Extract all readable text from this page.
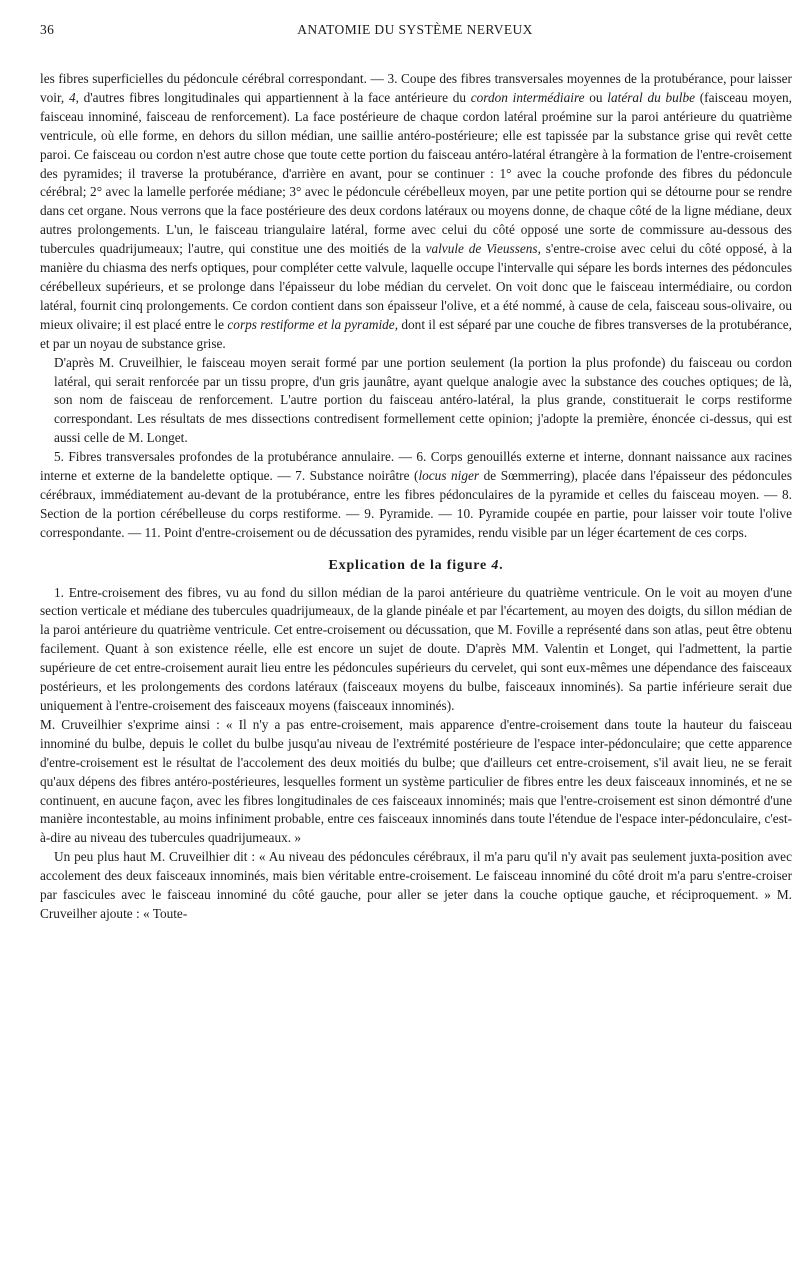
36	ANATOMIE DU SYSTÈME NERVEUX

les fibres superficielles du pédoncule cérébral correspondant. — 3. Coupe des fibres transversales moyennes de la protubérance, pour laisser voir, 4, d'autres fibres longitudinales qui appartiennent à la face antérieure du cordon intermédiaire ou latéral du bulbe (faisceau moyen, faisceau innominé, faisceau de renforcement). La face postérieure de chaque cordon latéral proémine sur la paroi antérieure du quatrième ventricule, où elle forme, en dehors du sillon médian, une saillie antéro-postérieure; elle est tapissée par la substance grise qui revêt cette paroi. Ce faisceau ou cordon n'est autre chose que toute cette portion du faisceau antéro-latéral étrangère à la formation de l'entre-croisement des pyramides; il traverse la protubérance, d'arrière en avant, pour se continuer : 1° avec la couche profonde des fibres du pédoncule cérébral; 2° avec la lamelle perforée médiane; 3° avec le pédoncule cérébelleux moyen, par une petite portion qui se détourne pour se rendre dans cet organe. Nous verrons que la face postérieure des deux cordons latéraux ou moyens donne, de chaque côté de la ligne médiane, deux autres prolongements. L'un, le faisceau triangulaire latéral, forme avec celui du côté opposé une sorte de commissure au-dessous des tubercules quadrijumeaux; l'autre, qui constitue une des moitiés de la valvule de Vieussens, s'entre-croise avec celui du côté opposé, à la manière du chiasma des nerfs optiques, pour compléter cette valvule, laquelle occupe l'intervalle qui sépare les bords internes des pédoncules cérébelleux supérieurs, et se prolonge dans l'épaisseur du lobe médian du cervelet. On voit donc que le faisceau intermédiaire, ou cordon latéral, fournit cinq prolongements. Ce cordon contient dans son épaisseur l'olive, et a été nommé, à cause de cela, faisceau sous-olivaire, ou mieux olivaire; il est placé entre le corps restiforme et la pyramide, dont il est séparé par une couche de fibres transverses de la protubérance, et par un noyau de substance grise.

D'après M. Cruveilhier, le faisceau moyen serait formé par une portion seulement (la portion la plus profonde) du faisceau ou cordon latéral, qui serait renforcée par un tissu propre, d'un gris jaunâtre, ayant quelque analogie avec la substance des couches optiques; de là, son nom de faisceau de renforcement. L'autre portion du faisceau antéro-latéral, la plus grande, constituerait le corps restiforme correspondant. Les résultats de mes dissections contredisent formellement cette opinion; j'adopte la première, énoncée ci-dessus, qui est aussi celle de M. Longet.

5. Fibres transversales profondes de la protubérance annulaire. — 6. Corps genouillés externe et interne, donnant naissance aux racines interne et externe de la bandelette optique. — 7. Substance noirâtre (locus niger de Sœmmerring), placée dans l'épaisseur des pédoncules cérébraux, immédiatement au-devant de la protubérance, entre les fibres pédonculaires de la pyramide et celles du faisceau moyen. — 8. Section de la portion cérébelleuse du corps restiforme. — 9. Pyramide. — 10. Pyramide coupée en partie, pour laisser voir toute l'olive correspondante. — 11. Point d'entre-croisement ou de décussation des pyramides, rendu visible par un léger écartement de ces corps.

Explication de la figure 4.

1. Entre-croisement des fibres, vu au fond du sillon médian de la paroi antérieure du quatrième ventricule. On le voit au moyen d'une section verticale et médiane des tubercules quadrijumeaux, de la glande pinéale et par l'écartement, au moyen des doigts, du sillon médian de la paroi antérieure du quatrième ventricule. Cet entre-croisement ou décussation, que M. Foville a représenté dans son atlas, peut être obtenu facilement. Quant à son existence réelle, elle est encore un sujet de doute. D'après MM. Valentin et Longet, qui l'admettent, la partie supérieure de cet entre-croisement aurait lieu entre les pédoncules supérieurs du cervelet, qui sont eux-mêmes une dépendance des faisceaux postérieurs, et les prolongements des cordons latéraux (faisceaux moyens du bulbe, faisceaux innominés). Sa partie inférieure serait due uniquement à l'entre-croisement des faisceaux moyens (faisceaux innominés).

M. Cruveilhier s'exprime ainsi : « Il n'y a pas entre-croisement, mais apparence d'entre-croisement dans toute la hauteur du faisceau innominé du bulbe, depuis le collet du bulbe jusqu'au niveau de l'extrémité postérieure de l'espace inter-pédonculaire; que cette apparence d'entre-croisement est le résultat de l'accolement des deux moitiés du bulbe; que d'ailleurs cet entre-croisement, s'il avait lieu, ne se ferait qu'aux dépens des fibres antéro-postérieures, lesquelles forment un système particulier de fibres entre les deux faisceaux innominés, et ne se continuent, en aucune façon, avec les fibres longitudinales de ces faisceaux innominés; mais que l'entre-croisement est sinon démontré d'une manière incontestable, au moins infiniment probable, entre ces faisceaux innominés dans toute l'étendue de l'espace inter-pédonculaire, c'est-à-dire au niveau des tubercules quadrijumeaux. »

Un peu plus haut M. Cruveilhier dit : « Au niveau des pédoncules cérébraux, il m'a paru qu'il n'y avait pas seulement juxta-position avec accolement des deux faisceaux innominés, mais bien véritable entre-croisement. Le faisceau innominé du côté droit m'a paru s'entre-croiser par fascicules avec le faisceau innominé du côté gauche, pour aller se jeter dans la couche optique gauche, et réciproquement. » M. Cruveilher ajoute : « Toute-
